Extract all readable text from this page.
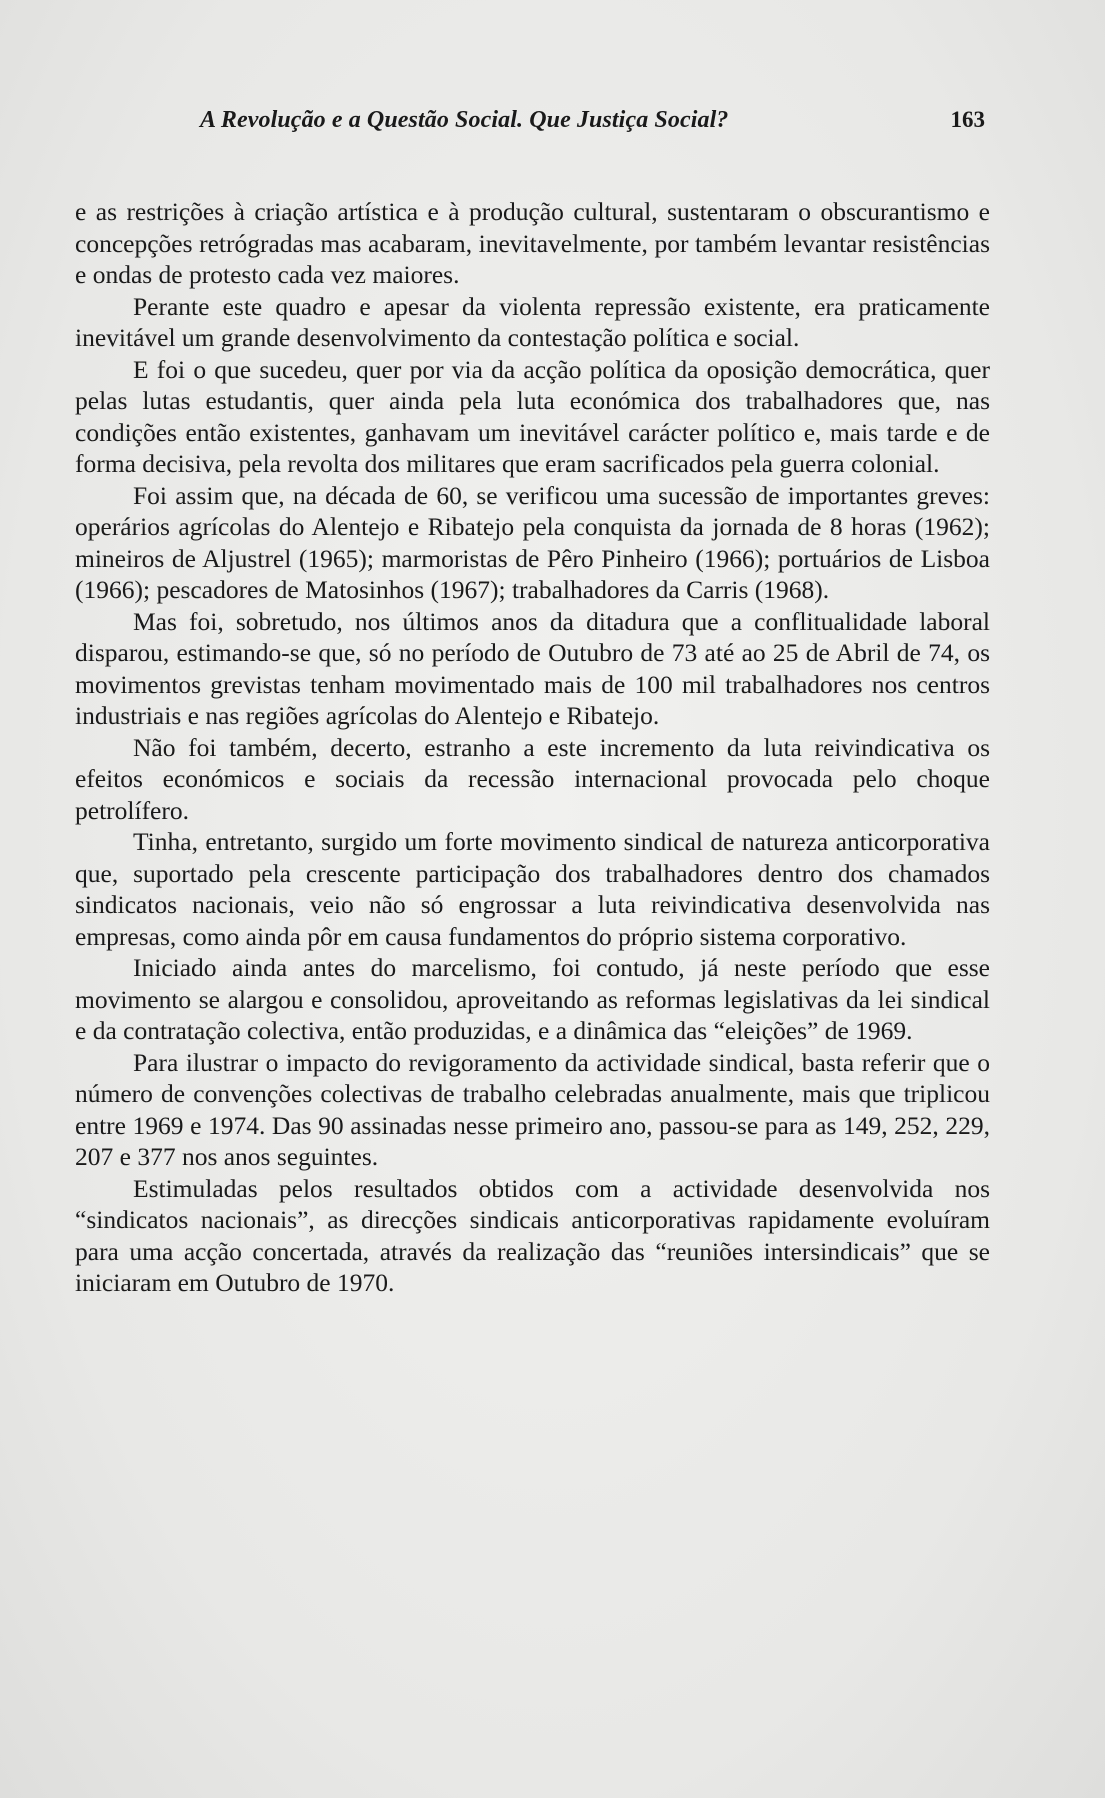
A Revolução e a Questão Social. Que Justiça Social?	163

e as restrições à criação artística e à produção cultural, sustentaram o obscurantismo e concepções retrógradas mas acabaram, inevitavelmente, por também levantar resistências e ondas de protesto cada vez maiores.

Perante este quadro e apesar da violenta repressão existente, era praticamente inevitável um grande desenvolvimento da contestação política e social.

E foi o que sucedeu, quer por via da acção política da oposição democrática, quer pelas lutas estudantis, quer ainda pela luta económica dos trabalhadores que, nas condições então existentes, ganhavam um inevitável carácter político e, mais tarde e de forma decisiva, pela revolta dos militares que eram sacrificados pela guerra colonial.

Foi assim que, na década de 60, se verificou uma sucessão de importantes greves: operários agrícolas do Alentejo e Ribatejo pela conquista da jornada de 8 horas (1962); mineiros de Aljustrel (1965); marmoristas de Pêro Pinheiro (1966); portuários de Lisboa (1966); pescadores de Matosinhos (1967); trabalhadores da Carris (1968).

Mas foi, sobretudo, nos últimos anos da ditadura que a conflitualidade laboral disparou, estimando-se que, só no período de Outubro de 73 até ao 25 de Abril de 74, os movimentos grevistas tenham movimentado mais de 100 mil trabalhadores nos centros industriais e nas regiões agrícolas do Alentejo e Ribatejo.

Não foi também, decerto, estranho a este incremento da luta reivindicativa os efeitos económicos e sociais da recessão internacional provocada pelo choque petrolífero.

Tinha, entretanto, surgido um forte movimento sindical de natureza anticorporativa que, suportado pela crescente participação dos trabalhadores dentro dos chamados sindicatos nacionais, veio não só engrossar a luta reivindicativa desenvolvida nas empresas, como ainda pôr em causa fundamentos do próprio sistema corporativo.

Iniciado ainda antes do marcelismo, foi contudo, já neste período que esse movimento se alargou e consolidou, aproveitando as reformas legislativas da lei sindical e da contratação colectiva, então produzidas, e a dinâmica das “eleições” de 1969.

Para ilustrar o impacto do revigoramento da actividade sindical, basta referir que o número de convenções colectivas de trabalho celebradas anualmente, mais que triplicou entre 1969 e 1974. Das 90 assinadas nesse primeiro ano, passou-se para as 149, 252, 229, 207 e 377 nos anos seguintes.

Estimuladas pelos resultados obtidos com a actividade desenvolvida nos “sindicatos nacionais”, as direcções sindicais anticorporativas rapidamente evoluíram para uma acção concertada, através da realização das “reuniões intersindicais” que se iniciaram em Outubro de 1970.
